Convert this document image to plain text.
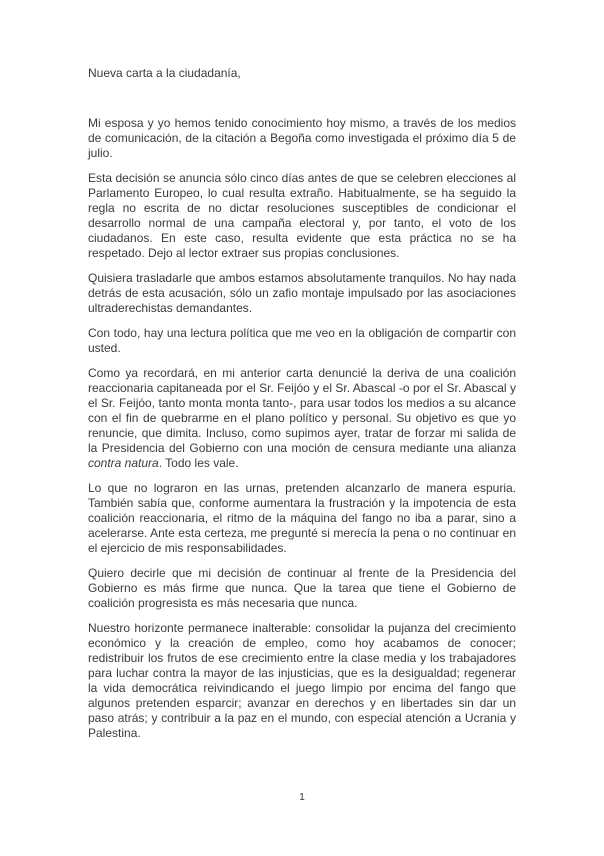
Nueva carta a la ciudadanía,

Mi esposa y yo hemos tenido conocimiento hoy mismo, a través de los medios de comunicación, de la citación a Begoña como investigada el próximo día 5 de julio.

Esta decisión se anuncia sólo cinco días antes de que se celebren elecciones al Parlamento Europeo, lo cual resulta extraño. Habitualmente, se ha seguido la regla no escrita de no dictar resoluciones susceptibles de condicionar el desarrollo normal de una campaña electoral y, por tanto, el voto de los ciudadanos. En este caso, resulta evidente que esta práctica no se ha respetado. Dejo al lector extraer sus propias conclusiones.

Quisiera trasladarle que ambos estamos absolutamente tranquilos. No hay nada detrás de esta acusación, sólo un zafio montaje impulsado por las asociaciones ultraderechistas demandantes.

Con todo, hay una lectura política que me veo en la obligación de compartir con usted.

Como ya recordará, en mi anterior carta denuncié la deriva de una coalición reaccionaria capitaneada por el Sr. Feijóo y el Sr. Abascal -o por el Sr. Abascal y el Sr. Feijóo, tanto monta monta tanto-, para usar todos los medios a su alcance con el fin de quebrarme en el plano político y personal. Su objetivo es que yo renuncie, que dimita. Incluso, como supimos ayer, tratar de forzar mi salida de la Presidencia del Gobierno con una moción de censura mediante una alianza contra natura. Todo les vale.

Lo que no lograron en las urnas, pretenden alcanzarlo de manera espuria. También sabía que, conforme aumentara la frustración y la impotencia de esta coalición reaccionaria, el ritmo de la máquina del fango no iba a parar, sino a acelerarse. Ante esta certeza, me pregunté si merecía la pena o no continuar en el ejercicio de mis responsabilidades.

Quiero decirle que mi decisión de continuar al frente de la Presidencia del Gobierno es más firme que nunca. Que la tarea que tiene el Gobierno de coalición progresista es más necesaria que nunca.

Nuestro horizonte permanece inalterable: consolidar la pujanza del crecimiento económico y la creación de empleo, como hoy acabamos de conocer; redistribuir los frutos de ese crecimiento entre la clase media y los trabajadores para luchar contra la mayor de las injusticias, que es la desigualdad; regenerar la vida democrática reivindicando el juego limpio por encima del fango que algunos pretenden esparcir; avanzar en derechos y en libertades sin dar un paso atrás; y contribuir a la paz en el mundo, con especial atención a Ucrania y Palestina.

1
